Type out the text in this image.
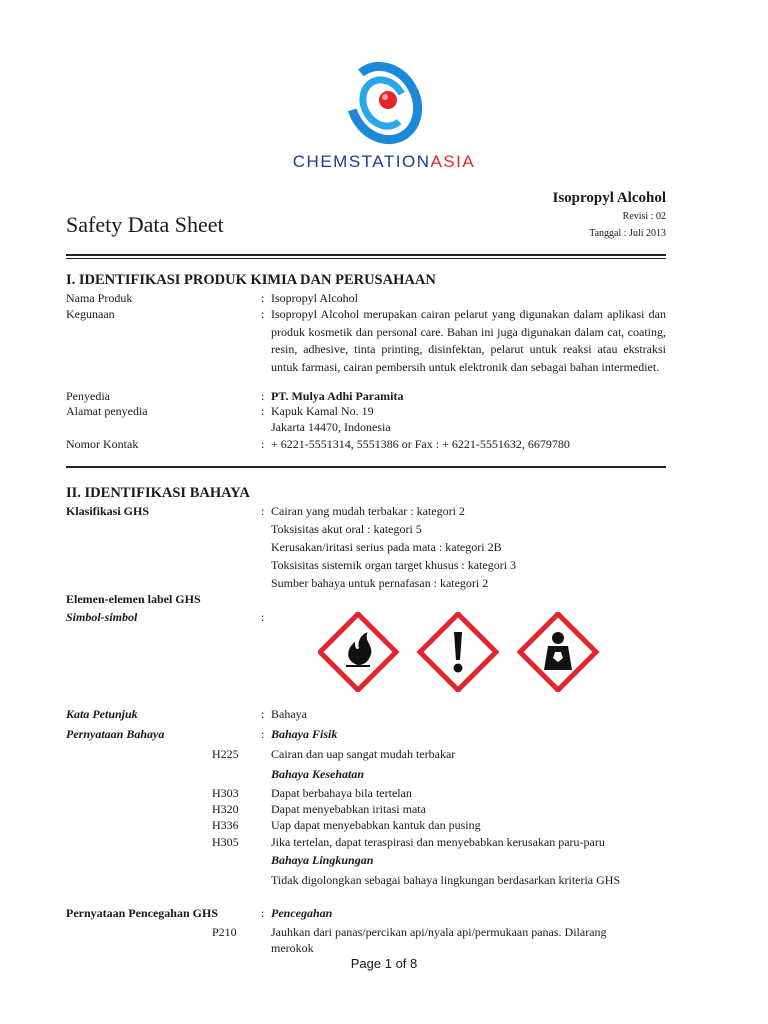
CHEMSTATIONASIA
Isopropyl Alcohol
Revisi : 02
Tanggal : Juli 2013
Safety Data Sheet
I. IDENTIFIKASI PRODUK KIMIA DAN PERUSAHAAN
Nama Produk	: Isopropyl Alcohol
Kegunaan	: Isopropyl Alcohol merupakan cairan pelarut yang digunakan dalam aplikasi dan produk kosmetik dan personal care. Bahan ini juga digunakan dalam cat, coating, resin, adhesive, tinta printing, disinfektan, pelarut untuk reaksi atau ekstraksi untuk farmasi, cairan pembersih untuk elektronik dan sebagai bahan intermediet.
Penyedia	: PT. Mulya Adhi Paramita
Alamat penyedia	: Kapuk Kamal No. 19
Jakarta 14470, Indonesia
Nomor Kontak	: + 6221-5551314, 5551386 or Fax : + 6221-5551632, 6679780
II. IDENTIFIKASI BAHAYA
Klasifikasi GHS	: Cairan yang mudah terbakar : kategori 2
Toksisitas akut oral : kategori 5
Kerusakan/iritasi serius pada mata : kategori 2B
Toksisitas sistemik organ target khusus : kategori 3
Sumber bahaya untuk pernafasan : kategori 2
Elemen-elemen label GHS
Simbol-simbol	:
Kata Petunjuk	: Bahaya
Pernyataan Bahaya	: Bahaya Fisik
H225	Cairan dan uap sangat mudah terbakar
Bahaya Kesehatan
H303	Dapat berbahaya bila tertelan
H320	Dapat menyebabkan iritasi mata
H336	Uap dapat menyebabkan kantuk dan pusing
H305	Jika tertelan, dapat teraspirasi dan menyebabkan kerusakan paru-paru
Bahaya Lingkungan
Tidak digolongkan sebagai bahaya lingkungan berdasarkan kriteria GHS
Pernyataan Pencegahan GHS	: Pencegahan
P210	Jauhkan dari panas/percikan api/nyala api/permukaan panas. Dilarang merokok
Page 1 of 8
